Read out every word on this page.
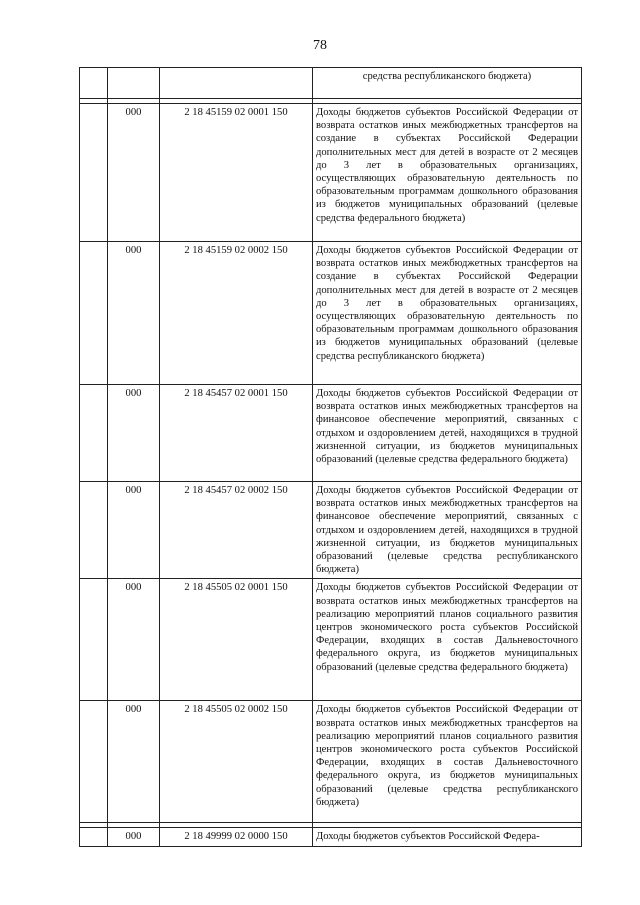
78
			средства республиканского бюджета)

	000	2 18 45159 02 0001 150	Доходы бюджетов субъектов Российской Федерации от возврата остатков иных межбюджетных трансфертов на создание в субъектах Российской Федерации дополнительных мест для детей в возрасте от 2 месяцев до 3 лет в образовательных организациях, осуществляющих образовательную деятельность по образовательным программам дошкольного образования из бюджетов муниципальных образований (целевые средства федерального бюджета)
	000	2 18 45159 02 0002 150	Доходы бюджетов субъектов Российской Федерации от возврата остатков иных межбюджетных трансфертов на создание в субъектах Российской Федерации дополнительных мест для детей в возрасте от 2 месяцев до 3 лет в образовательных организациях, осуществляющих образовательную деятельность по образовательным программам дошкольного образования из бюджетов муниципальных образований (целевые средства республиканского бюджета)
	000	2 18 45457 02 0001 150	Доходы бюджетов субъектов Российской Федерации от возврата остатков иных межбюджетных трансфертов на финансовое обеспечение мероприятий, связанных с отдыхом и оздоровлением детей, находящихся в трудной жизненной ситуации, из бюджетов муниципальных образований (целевые средства федерального бюджета)
	000	2 18 45457 02 0002 150	Доходы бюджетов субъектов Российской Федерации от возврата остатков иных межбюджетных трансфертов на финансовое обеспечение мероприятий, связанных с отдыхом и оздоровлением детей, находящихся в трудной жизненной ситуации, из бюджетов муниципальных образований (целевые средства республиканского бюджета)
	000	2 18 45505 02 0001 150	Доходы бюджетов субъектов Российской Федерации от возврата остатков иных межбюджетных трансфертов на реализацию мероприятий планов социального развития центров экономического роста субъектов Российской Федерации, входящих в состав Дальневосточного федерального округа, из бюджетов муниципальных образований (целевые средства федерального бюджета)
	000	2 18 45505 02 0002 150	Доходы бюджетов субъектов Российской Федерации от возврата остатков иных межбюджетных трансфертов на реализацию мероприятий планов социального развития центров экономического роста субъектов Российской Федерации, входящих в состав Дальневосточного федерального округа, из бюджетов муниципальных образований (целевые средства республиканского бюджета)

	000	2 18 49999 02 0000 150	Доходы бюджетов субъектов Российской Федера-
